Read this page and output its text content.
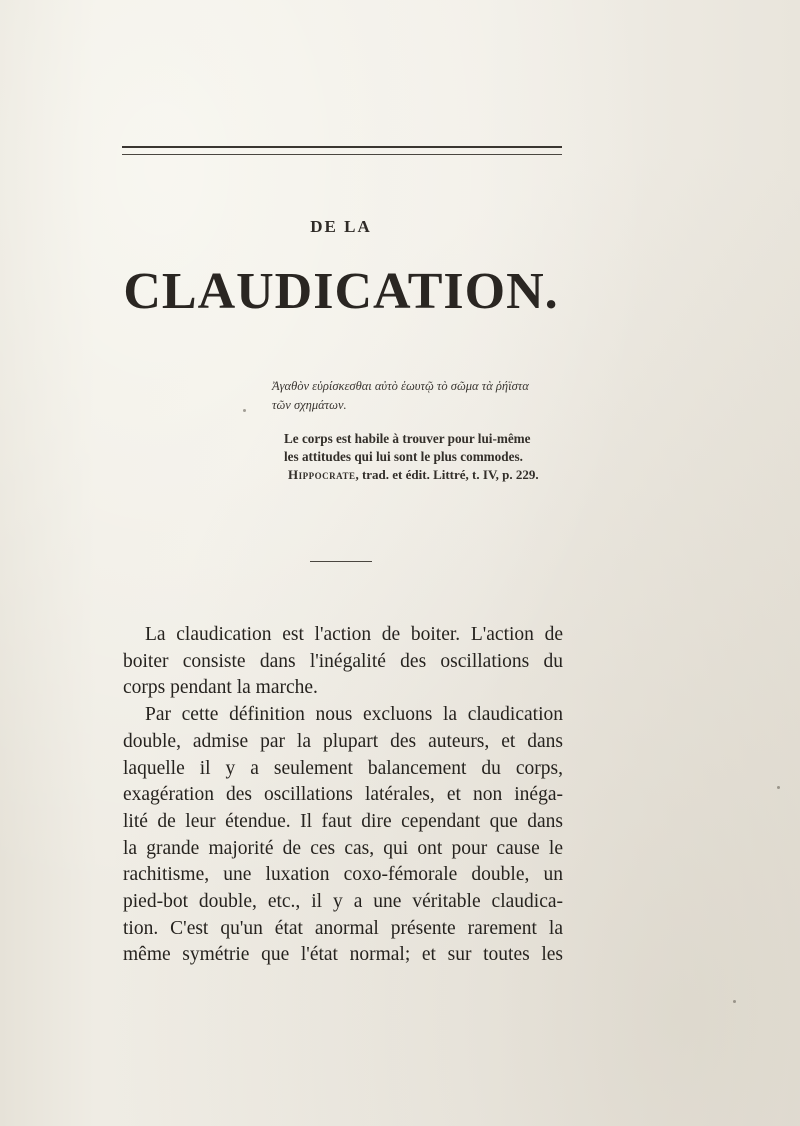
DE LA
CLAUDICATION.
Ἀγαθὸν εὑρίσκεσθαι αὐτὸ ἑωυτῷ τὸ σῶμα τὰ ῥήϊστα
τῶν σχημάτων.
Le corps est habile à trouver pour lui-même
les attitudes qui lui sont le plus commodes.
Hippocrate, trad. et édit. Littré, t. IV, p. 229.
La claudication est l'action de boiter. L'action de
boiter consiste dans l'inégalité des oscillations du
corps pendant la marche.
Par cette définition nous excluons la claudication
double, admise par la plupart des auteurs, et dans
laquelle il y a seulement balancement du corps,
exagération des oscillations latérales, et non inéga-
lité de leur étendue. Il faut dire cependant que dans
la grande majorité de ces cas, qui ont pour cause le
rachitisme, une luxation coxo-fémorale double, un
pied-bot double, etc., il y a une véritable claudica-
tion. C'est qu'un état anormal présente rarement la
même symétrie que l'état normal; et sur toutes les
